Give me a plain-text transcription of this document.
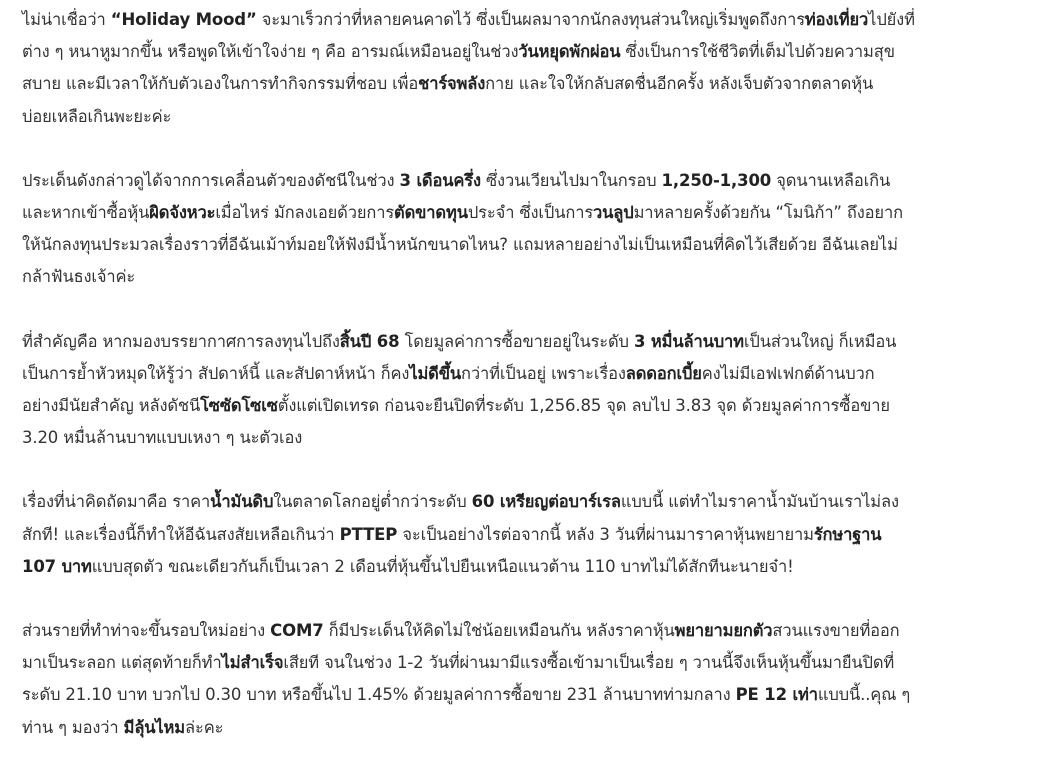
ไม่น่าเชื่อว่า “Holiday Mood” จะมาเร็วกว่าที่หลายคนคาดไว้ ซึ่งเป็นผลมาจากนักลงทุนส่วนใหญ่เริ่มพูดถึงการท่องเที่ยวไปยังที่
ต่าง ๆ หนาหูมากขึ้น หรือพูดให้เข้าใจง่าย ๆ คือ อารมณ์เหมือนอยู่ในช่วงวันหยุดพักผ่อน ซึ่งเป็นการใช้ชีวิตที่เต็มไปด้วยความสุข
สบาย และมีเวลาให้กับตัวเองในการทำกิจกรรมที่ชอบ เพื่อชาร์จพลังกาย และใจให้กลับสดชื่นอีกครั้ง หลังเจ็บตัวจากตลาดหุ้น
บ่อยเหลือเกินพะยะค่ะ

ประเด็นดังกล่าวดูได้จากการเคลื่อนตัวของดัชนีในช่วง 3 เดือนครึ่ง ซึ่งวนเวียนไปมาในกรอบ 1,250-1,300 จุดนานเหลือเกิน
และหากเข้าซื้อหุ้นผิดจังหวะเมื่อไหร่ มักลงเอยด้วยการตัดขาดทุนประจำ ซึ่งเป็นการวนลูปมาหลายครั้งด้วยกัน “โมนิก้า” ถึงอยาก
ให้นักลงทุนประมวลเรื่องราวที่อีฉันเม้าท์มอยให้ฟังมีน้ำหนักขนาดไหน? แถมหลายอย่างไม่เป็นเหมือนที่คิดไว้เสียด้วย อีฉันเลยไม่
กล้าฟันธงเจ้าค่ะ

ที่สำคัญคือ หากมองบรรยากาศการลงทุนไปถึงสิ้นปี 68 โดยมูลค่าการซื้อขายอยู่ในระดับ 3 หมื่นล้านบาทเป็นส่วนใหญ่ ก็เหมือน
เป็นการย้ำหัวหมุดให้รู้ว่า สัปดาห์นี้ และสัปดาห์หน้า ก็คงไม่ดีขึ้นกว่าที่เป็นอยู่ เพราะเรื่องลดดอกเบี้ยคงไม่มีเอฟเฟกต์ด้านบวก
อย่างมีนัยสำคัญ หลังดัชนีโซซัดโซเซตั้งแต่เปิดเทรด ก่อนจะยืนปิดที่ระดับ 1,256.85 จุด ลบไป 3.83 จุด ด้วยมูลค่าการซื้อขาย
3.20 หมื่นล้านบาทแบบเหงา ๆ นะตัวเอง

เรื่องที่น่าคิดถัดมาคือ ราคาน้ำมันดิบในตลาดโลกอยู่ต่ำกว่าระดับ 60 เหรียญต่อบาร์เรลแบบนี้ แต่ทำไมราคาน้ำมันบ้านเราไม่ลง
สักที! และเรื่องนี้ก็ทำให้อีฉันสงสัยเหลือเกินว่า PTTEP จะเป็นอย่างไรต่อจากนี้ หลัง 3 วันที่ผ่านมาราคาหุ้นพยายามรักษาฐาน
107 บาทแบบสุดตัว ขณะเดียวกันก็เป็นเวลา 2 เดือนที่หุ้นขึ้นไปยืนเหนือแนวต้าน 110 บาทไม่ได้สักทีนะนายจ๋า!

ส่วนรายที่ทำท่าจะขึ้นรอบใหม่อย่าง COM7 ก็มีประเด็นให้คิดไม่ใช่น้อยเหมือนกัน หลังราคาหุ้นพยายามยกตัวสวนแรงขายที่ออก
มาเป็นระลอก แต่สุดท้ายก็ทำไม่สำเร็จเสียที จนในช่วง 1-2 วันที่ผ่านมามีแรงซื้อเข้ามาเป็นเรื่อย ๆ วานนี้จึงเห็นหุ้นขึ้นมายืนปิดที่
ระดับ 21.10 บาท บวกไป 0.30 บาท หรือขึ้นไป 1.45% ด้วยมูลค่าการซื้อขาย 231 ล้านบาทท่ามกลาง PE 12 เท่าแบบนี้..คุณ ๆ
ท่าน ๆ มองว่า มีลุ้นไหมล่ะคะ
